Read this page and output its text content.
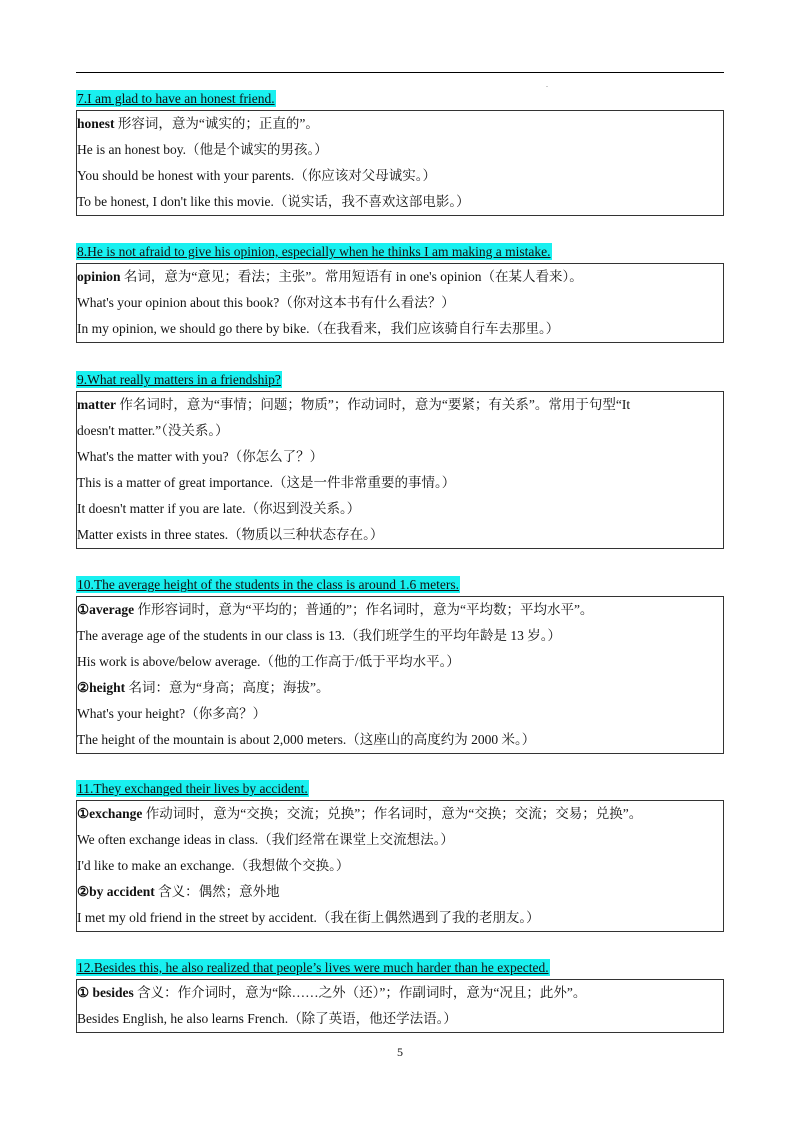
.
7.I am glad to have an honest friend.
honest 形容词，意为“诚实的；正直的”。
He is an honest boy.（他是个诚实的男孩。）
You should be honest with your parents.（你应该对父母诚实。）
To be honest, I don't like this movie.（说实话，我不喜欢这部电影。）
8.He is not afraid to give his opinion, especially when he thinks I am making a mistake.
opinion 名词，意为“意见；看法；主张”。常用短语有 in one's opinion（在某人看来）。
What's your opinion about this book?（你对这本书有什么看法？）
In my opinion, we should go there by bike.（在我看来，我们应该骑自行车去那里。）
9.What really matters in a friendship?
matter 作名词时，意为“事情；问题；物质”；作动词时，意为“要紧；有关系”。常用于句型“It
doesn't matter.”（没关系。）
What's the matter with you?（你怎么了？）
This is a matter of great importance.（这是一件非常重要的事情。）
It doesn't matter if you are late.（你迟到没关系。）
Matter exists in three states.（物质以三种状态存在。）
10.The average height of the students in the class is around 1.6 meters.
①average 作形容词时，意为“平均的；普通的”；作名词时，意为“平均数；平均水平”。
The average age of the students in our class is 13.（我们班学生的平均年龄是 13 岁。）
His work is above/below average.（他的工作高于/低于平均水平。）
②height 名词：意为“身高；高度；海拔”。
What's your height?（你多高？）
The height of the mountain is about 2,000 meters.（这座山的高度约为 2000 米。）
11.They exchanged their lives by accident.
①exchange 作动词时，意为“交换；交流；兑换”；作名词时，意为“交换；交流；交易；兑换”。
We often exchange ideas in class.（我们经常在课堂上交流想法。）
I'd like to make an exchange.（我想做个交换。）
②by accident 含义：偶然；意外地
I met my old friend in the street by accident.（我在街上偶然遇到了我的老朋友。）
12.Besides this, he also realized that people’s lives were much harder than he expected.
① besides 含义：作介词时，意为“除……之外（还）”；作副词时，意为“况且；此外”。
Besides English, he also learns French.（除了英语，他还学法语。）
5
